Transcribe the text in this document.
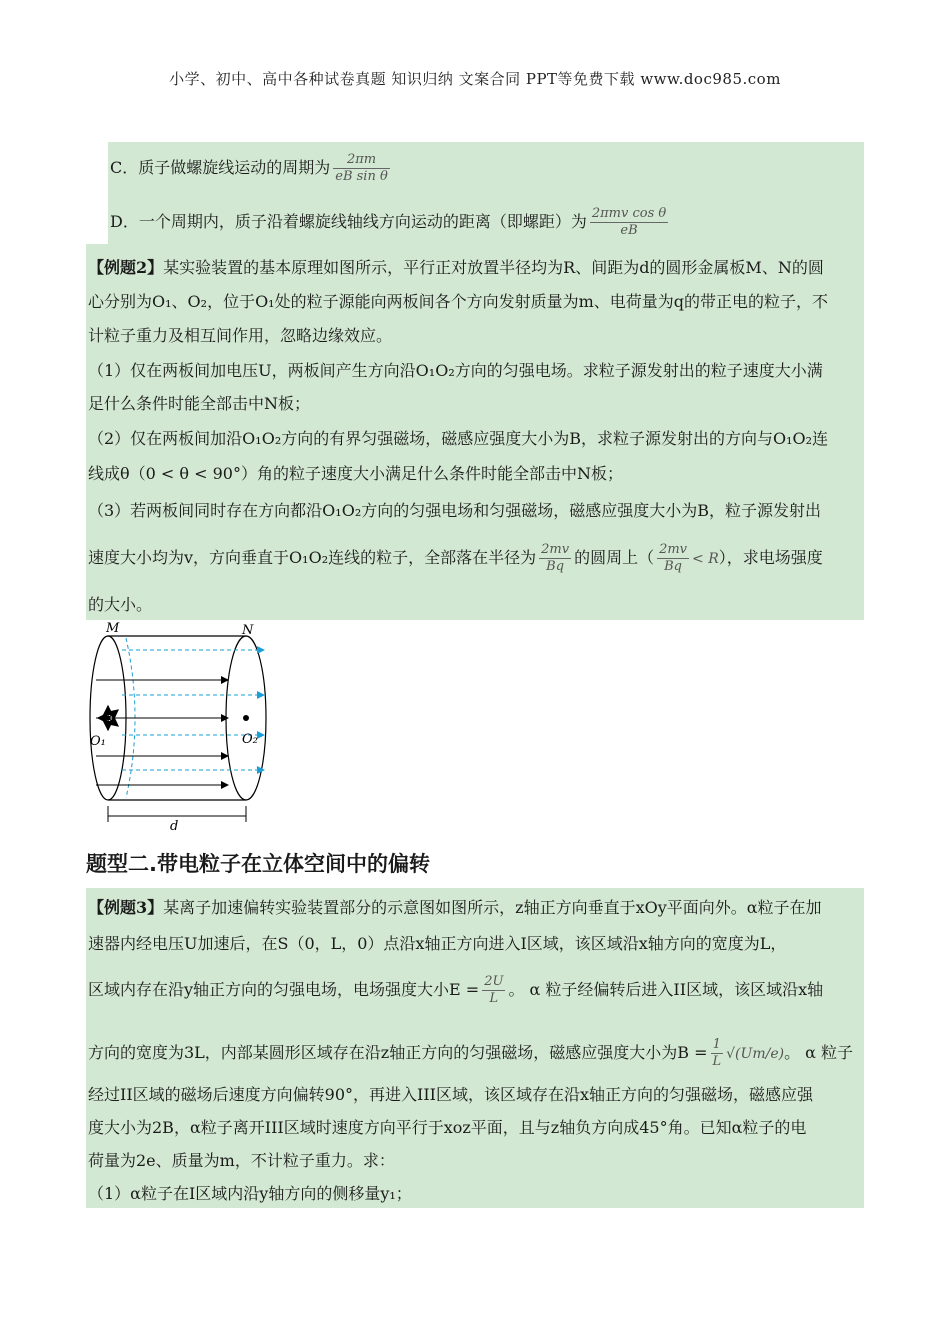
小学、初中、高中各种试卷真题 知识归纳 文案合同 PPT等免费下载 www.doc985.com
C．质子做螺旋线运动的周期为 $\frac{2\pi m}{\text{eB sin θ}}$
D．一个周期内，质子沿着螺旋线轴线方向运动的距离（即螺距）为 $\frac{\text{2πmv cos θ}}{eB}$
【例题2】某实验装置的基本原理如图所示，平行正对放置半径均为R、间距为d的圆形金属板M、N的圆
心分别为O₁、O₂，位于O₁处的粒子源能向两板间各个方向发射质量为m、电荷量为q的带正电的粒子，不
计粒子重力及相互间作用，忽略边缘效应。
（1）仅在两板间加电压U，两板间产生方向沿O₁O₂方向的匀强电场。求粒子源发射出的粒子速度大小满
足什么条件时能全部击中N板；
（2）仅在两板间加沿O₁O₂方向的有界匀强磁场，磁感应强度大小为B，求粒子源发射出的方向与O₁O₂连
线成θ（0 < θ < 90°）角的粒子速度大小满足什么条件时能全部击中N板；
（3）若两板间同时存在方向都沿O₁O₂方向的匀强电场和匀强磁场，磁感应强度大小为B，粒子源发射出
速度大小均为v，方向垂直于O₁O₂连线的粒子，全部落在半径为 $\frac{2mv}{Bq}$ 的圆周上（ $\frac{2mv}{Bq} < R$），求电场强度
的大小。
M	N
O₁	O₂
d
题型二.带电粒子在立体空间中的偏转
【例题3】某离子加速偏转实验装置部分的示意图如图所示，z轴正方向垂直于xOy平面向外。α粒子在加
速器内经电压U加速后，在S（0，L，0）点沿x轴正方向进入I区域，该区域沿x轴方向的宽度为L，
区域内存在沿y轴正方向的匀强电场，电场强度大小$E = \frac{2U}{L}$ 。 α 粒子经偏转后进入II区域，该区域沿x轴
方向的宽度为3L，内部某圆形区域存在沿z轴正方向的匀强磁场，磁感应强度大小为$B = \frac{1}{L} √(Um/e)$。 α 粒子
经过II区域的磁场后速度方向偏转90°，再进入III区域，该区域存在沿x轴正方向的匀强磁场，磁感应强
度大小为2B，α粒子离开III区域时速度方向平行于xoz平面，且与z轴负方向成45°角。已知α粒子的电
荷量为2e、质量为m，不计粒子重力。求：
（1）α粒子在I区域内沿y轴方向的侧移量y₁；
